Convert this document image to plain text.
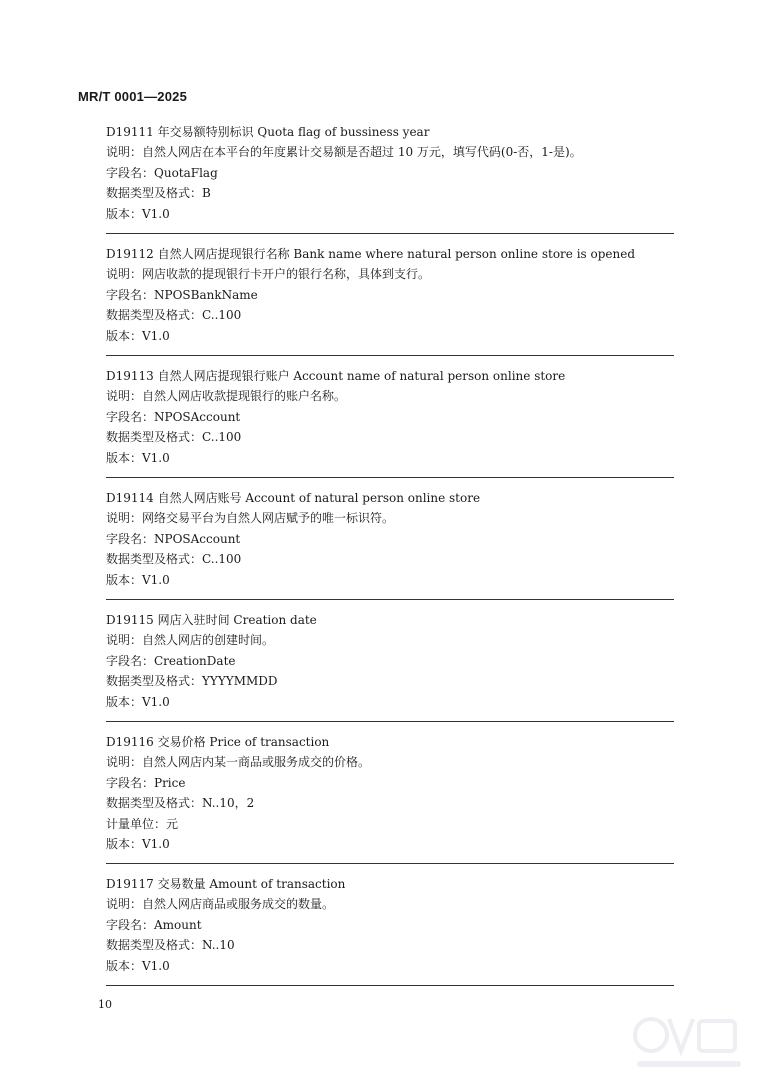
MR/T 0001—2025
D19111 年交易额特别标识 Quota flag of bussiness year
说明：自然人网店在本平台的年度累计交易额是否超过 10 万元，填写代码(0-否，1-是)。
字段名：QuotaFlag
数据类型及格式：B
版本：V1.0
D19112 自然人网店提现银行名称 Bank name where natural person online store is opened
说明：网店收款的提现银行卡开户的银行名称，具体到支行。
字段名：NPOSBankName
数据类型及格式：C..100
版本：V1.0
D19113 自然人网店提现银行账户 Account name of natural person online store
说明：自然人网店收款提现银行的账户名称。
字段名：NPOSAccount
数据类型及格式：C..100
版本：V1.0
D19114 自然人网店账号 Account of natural person online store
说明：网络交易平台为自然人网店赋予的唯一标识符。
字段名：NPOSAccount
数据类型及格式：C..100
版本：V1.0
D19115 网店入驻时间 Creation date
说明：自然人网店的创建时间。
字段名：CreationDate
数据类型及格式：YYYYMMDD
版本：V1.0
D19116 交易价格 Price of transaction
说明：自然人网店内某一商品或服务成交的价格。
字段名：Price
数据类型及格式：N..10，2
计量单位：元
版本：V1.0
D19117 交易数量 Amount of transaction
说明：自然人网店商品或服务成交的数量。
字段名：Amount
数据类型及格式：N..10
版本：V1.0
10
